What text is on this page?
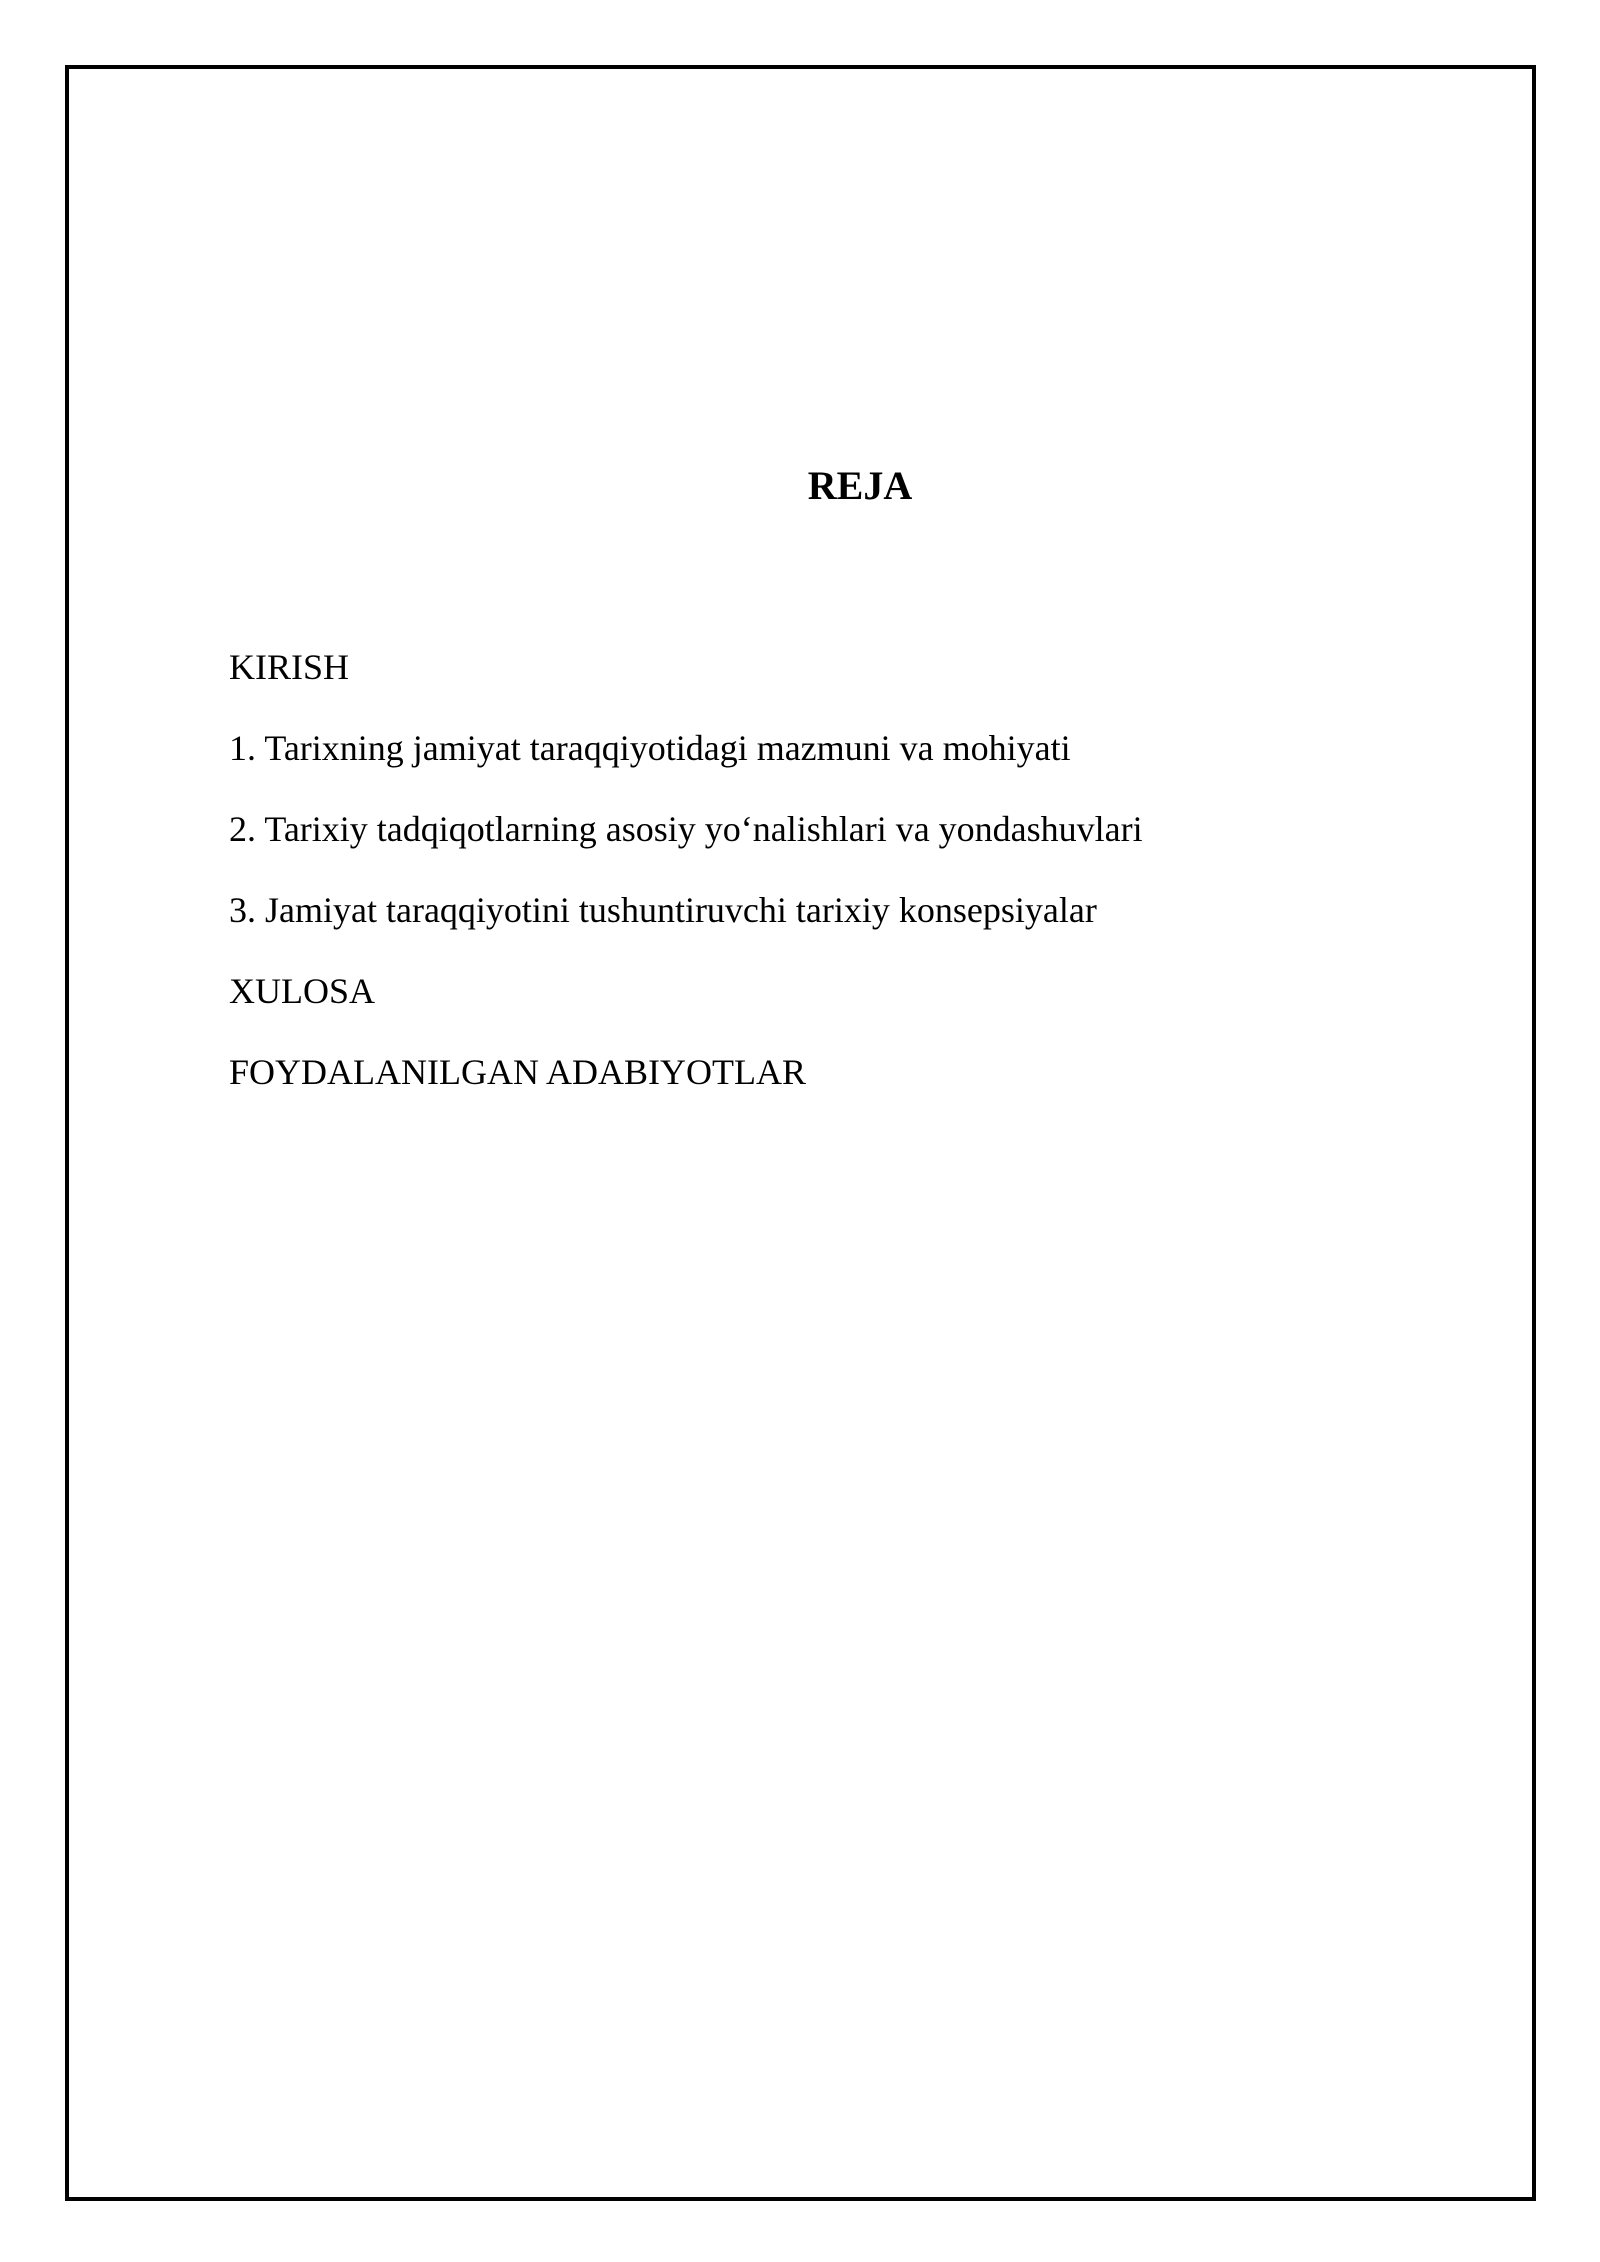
REJA
KIRISH
1. Tarixning jamiyat taraqqiyotidagi mazmuni va mohiyati
2. Tarixiy tadqiqotlarning asosiy yo‘nalishlari va yondashuvlari
3. Jamiyat taraqqiyotini tushuntiruvchi tarixiy konsepsiyalar
XULOSA
FOYDALANILGAN ADABIYOTLAR
